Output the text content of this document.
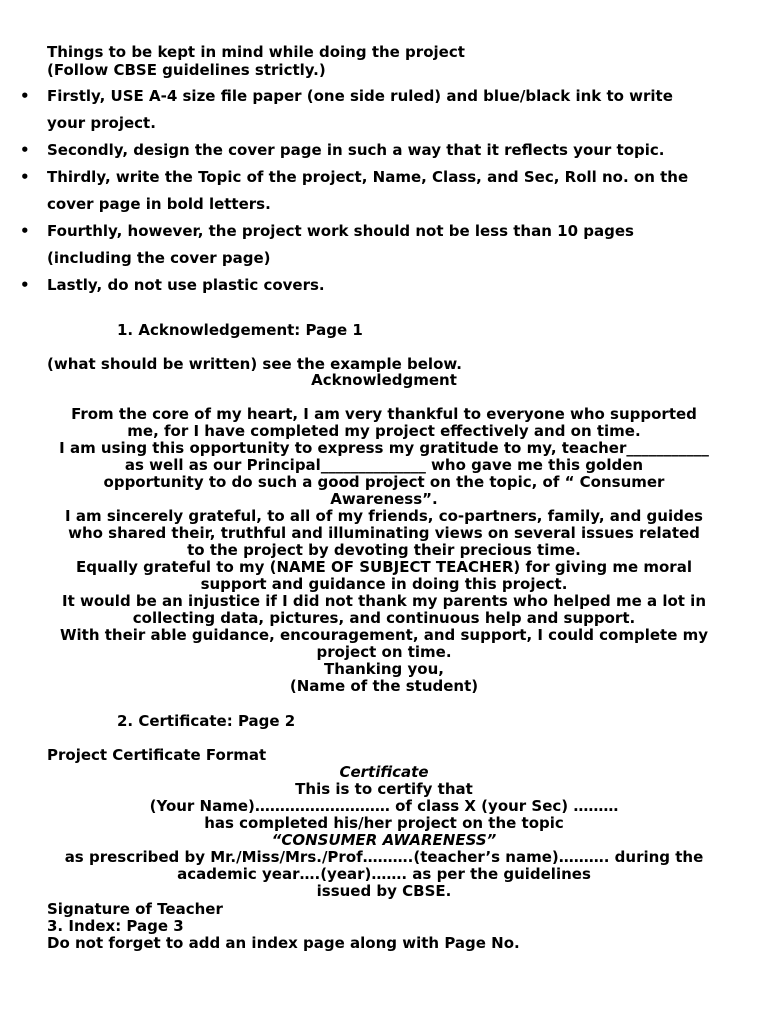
Things to be kept in mind while doing the project
(Follow CBSE guidelines strictly.)
• Firstly, USE A-4 size file paper (one side ruled) and blue/black ink to write
your project.
• Secondly, design the cover page in such a way that it reflects your topic.
• Thirdly, write the Topic of the project, Name, Class, and Sec, Roll no. on the
cover page in bold letters.
• Fourthly, however, the project work should not be less than 10 pages
(including the cover page)
• Lastly, do not use plastic covers.
1. Acknowledgement: Page 1
(what should be written) see the example below.
Acknowledgment

From the core of my heart, I am very thankful to everyone who supported

me, for I have completed my project effectively and on time.

I am using this opportunity to express my gratitude to my, teacher___________

as well as our Principal______________ who gave me this golden

opportunity to do such a good project on the topic, of “ Consumer

Awareness”.

I am sincerely grateful, to all of my friends, co-partners, family, and guides

who shared their, truthful and illuminating views on several issues related

to the project by devoting their precious time.

Equally grateful to my (NAME OF SUBJECT TEACHER) for giving me moral

support and guidance in doing this project.

It would be an injustice if I did not thank my parents who helped me a lot in

collecting data, pictures, and continuous help and support.

With their able guidance, encouragement, and support, I could complete my

project on time.

Thanking you,

(Name of the student)

2. Certificate: Page 2
Project Certificate Format
Certificate

This is to certify that

(Your Name)……………………… of class X (your Sec) ………

has completed his/her project on the topic

“CONSUMER AWARENESS”

as prescribed by Mr./Miss/Mrs./Prof……….(teacher’s name)………. during the

academic year….(year)……. as per the guidelines

issued by CBSE.

Signature of Teacher
3. Index: Page 3
Do not forget to add an index page along with Page No.
